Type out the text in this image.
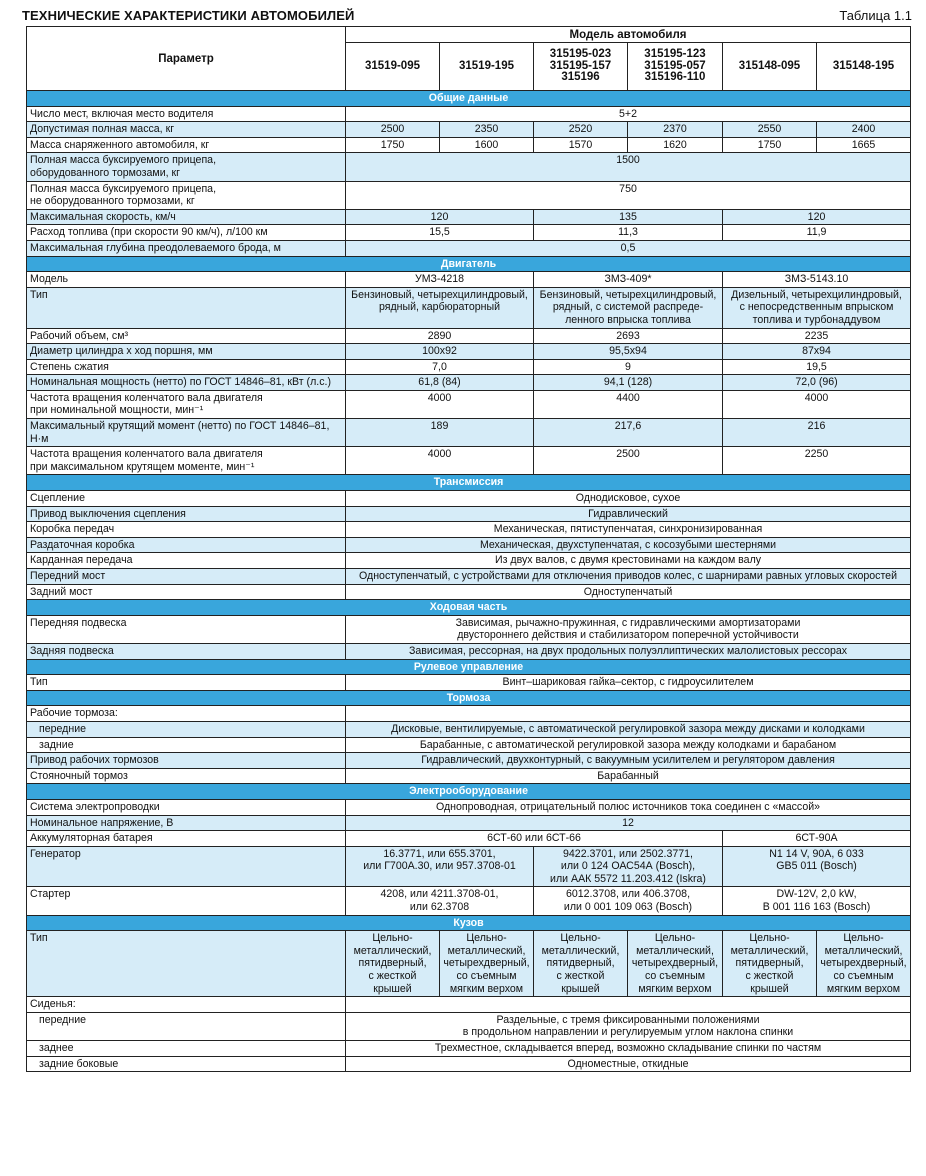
ТЕХНИЧЕСКИЕ ХАРАКТЕРИСТИКИ АВТОМОБИЛЕЙ	Таблица 1.1
Параметр	Модель автомобиля					
	31519-095	31519-195	315195-023
315195-157
315196	315195-123
315195-057
315196-110	315148-095	315148-195
Общие данные						
Число мест, включая место водителя	5+2					
Допустимая полная масса, кг	2500	2350	2520	2370	2550	2400
Масса снаряженного автомобиля, кг	1750	1600	1570	1620	1750	1665
Полная масса буксируемого прицепа,
оборудованного тормозами, кг	1500					
Полная масса буксируемого прицепа,
не оборудованного тормозами, кг	750					
Максимальная скорость, км/ч	120		135		120	
Расход топлива (при скорости 90 км/ч), л/100 км	15,5		11,3		11,9	
Максимальная глубина преодолеваемого брода, м	0,5					
Двигатель						
Модель	УМЗ-4218		ЗМЗ-409*		ЗМЗ-5143.10	
Тип	Бензиновый, четырехцилиндровый,
рядный, карбюраторный		Бензиновый, четырехцилиндровый,
рядный, с системой распреде-
ленного впрыска топлива		Дизельный, четырехцилиндровый,
с непосредственным впрыском
топлива и турбонаддувом	
Рабочий объем, см³	2890		2693		2235	
Диаметр цилиндра х ход поршня, мм	100х92		95,5х94		87х94	
Степень сжатия	7,0		9		19,5	
Номинальная мощность (нетто) по ГОСТ 14846–81, кВт (л.с.)	61,8 (84)		94,1 (128)		72,0 (96)	
Частота вращения коленчатого вала двигателя
при номинальной мощности, мин⁻¹	4000		4400		4000	
Максимальный крутящий момент (нетто) по ГОСТ 14846–81, Н·м	189		217,6		216	
Частота вращения коленчатого вала двигателя
при максимальном крутящем моменте, мин⁻¹	4000		2500		2250	
Трансмиссия						
Сцепление	Однодисковое, сухое					
Привод выключения сцепления	Гидравлический					
Коробка передач	Механическая, пятиступенчатая, синхронизированная					
Раздаточная коробка	Механическая, двухступенчатая, с косозубыми шестернями					
Карданная передача	Из двух валов, с двумя крестовинами на каждом валу					
Передний мост	Одноступенчатый, с устройствами для отключения приводов колес, с шарнирами равных угловых скоростей					
Задний мост	Одноступенчатый					
Ходовая часть						
Передняя подвеска	Зависимая, рычажно-пружинная, с гидравлическими амортизаторами
двустороннего действия и стабилизатором поперечной устойчивости					
Задняя подвеска	Зависимая, рессорная, на двух продольных полуэллиптических малолистовых рессорах					
Рулевое управление						
Тип	Винт–шариковая гайка–сектор, с гидроусилителем					
Тормоза						
Рабочие тормоза:						
передние	Дисковые, вентилируемые, с автоматической регулировкой зазора между дисками и колодками					
задние	Барабанные, с автоматической регулировкой зазора между колодками и барабаном					
Привод рабочих тормозов	Гидравлический, двухконтурный, с вакуумным усилителем и регулятором давления					
Стояночный тормоз	Барабанный					
Электрооборудование						
Система электропроводки	Однопроводная, отрицательный полюс источников тока соединен с «массой»					
Номинальное напряжение, В	12					
Аккумуляторная батарея	6СТ-60 или 6СТ-66				6СТ-90А	
Генератор	16.3771, или 655.3701,
или Г700А.30, или 957.3708-01		9422.3701, или 2502.3771,
или 0 124 ОАС54А (Bosch),
или ААК 5572 11.203.412 (Iskra)		N1 14 V, 90A, 6 033
GB5 011 (Bosch)	
Стартер	4208, или 4211.3708-01,
или 62.3708		6012.3708, или 406.3708,
или 0 001 109 063 (Bosch)		DW-12V, 2,0 kW,
B 001 116 163 (Bosch)	
Кузов						
Тип	Цельно-
металлический,
пятидверный,
с жесткой
крышей	Цельно-
металлический,
четырехдверный,
со съемным
мягким верхом	Цельно-
металлический,
пятидверный,
с жесткой
крышей	Цельно-
металлический,
четырехдверный,
со съемным
мягким верхом	Цельно-
металлический,
пятидверный,
с жесткой
крышей	Цельно-
металлический,
четырехдверный,
со съемным
мягким верхом
Сиденья:						
передние	Раздельные, с тремя фиксированными положениями
в продольном направлении и регулируемым углом наклона спинки					
заднее	Трехместное, складывается вперед, возможно складывание спинки по частям					
задние боковые	Одноместные, откидные					
